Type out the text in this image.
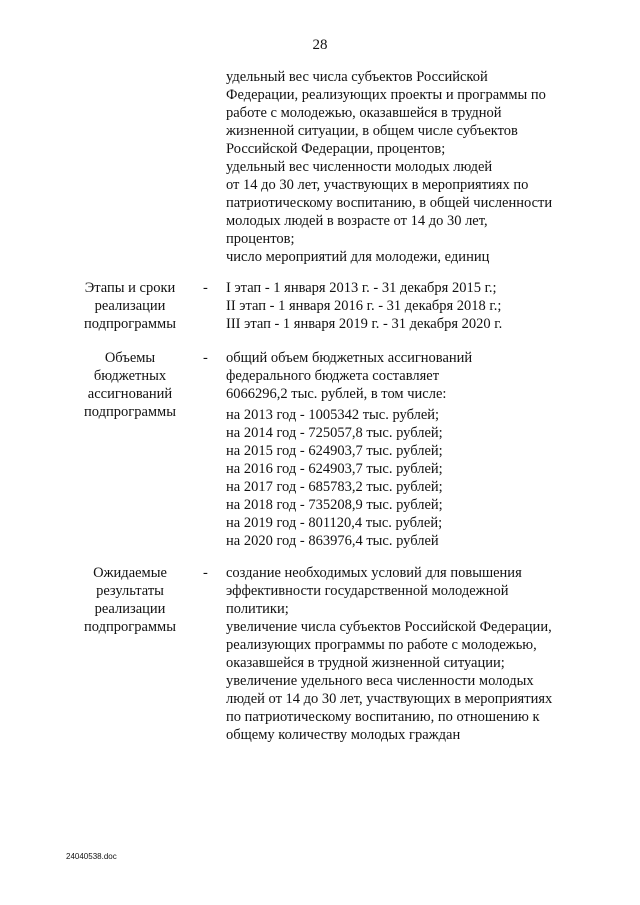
28
удельный вес числа субъектов Российской
Федерации, реализующих проекты и программы по
работе с молодежью, оказавшейся в трудной
жизненной ситуации, в общем числе субъектов
Российской Федерации, процентов;
удельный вес численности молодых людей
от 14 до 30 лет, участвующих в мероприятиях по
патриотическому воспитанию, в общей численности
молодых людей в возрасте от 14 до 30 лет,
процентов;
число мероприятий для молодежи, единиц
Этапы и сроки
реализации
подпрограммы
- I этап - 1 января 2013 г. - 31 декабря 2015 г.;
II этап - 1 января 2016 г. - 31 декабря 2018 г.;
III этап - 1 января 2019 г. - 31 декабря 2020 г.
Объемы
бюджетных
ассигнований
подпрограммы
- общий объем бюджетных ассигнований
федерального бюджета составляет
6066296,2 тыс. рублей, в том числе:
на 2013 год - 1005342 тыс. рублей;
на 2014 год - 725057,8 тыс. рублей;
на 2015 год - 624903,7 тыс. рублей;
на 2016 год - 624903,7 тыс. рублей;
на 2017 год - 685783,2 тыс. рублей;
на 2018 год - 735208,9 тыс. рублей;
на 2019 год - 801120,4 тыс. рублей;
на 2020 год - 863976,4 тыс. рублей
Ожидаемые
результаты
реализации
подпрограммы
- создание необходимых условий для повышения
эффективности государственной молодежной
политики;
увеличение числа субъектов Российской Федерации,
реализующих программы по работе с молодежью,
оказавшейся в трудной жизненной ситуации;
увеличение удельного веса численности молодых
людей от 14 до 30 лет, участвующих в мероприятиях
по патриотическому воспитанию, по отношению к
общему количеству молодых граждан
24040538.doc
